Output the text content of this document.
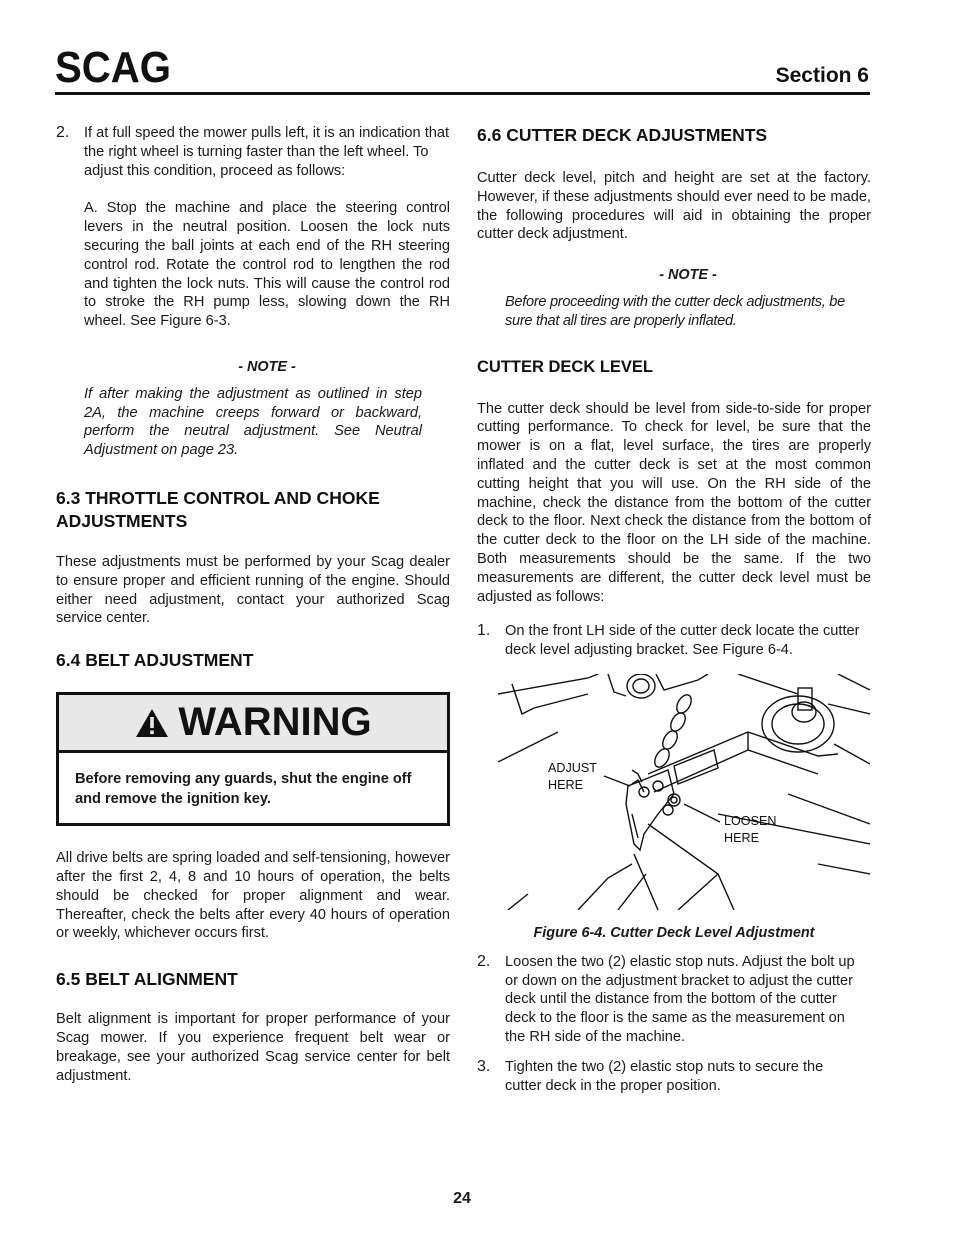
SCAG	Section 6
2. If at full speed the mower pulls left, it is an indication that the right wheel is turning faster than the left wheel. To adjust this condition, proceed as follows:

A. Stop the machine and place the steering control levers in the neutral position. Loosen the lock nuts securing the ball joints at each end of the RH steering control rod. Rotate the control rod to lengthen the rod and tighten the lock nuts. This will cause the control rod to stroke the RH pump less, slowing down the RH wheel. See Figure 6-3.

- NOTE -

If after making the adjustment as outlined in step 2A, the machine creeps forward or backward, perform the neutral adjustment. See Neutral Adjustment on page 23.

6.3 THROTTLE CONTROL AND CHOKE ADJUSTMENTS

These adjustments must be performed by your Scag dealer to ensure proper and efficient running of the engine. Should either need adjustment, contact your authorized Scag service center.

6.4 BELT ADJUSTMENT
WARNING
Before removing any guards, shut the engine off and remove the ignition key.

All drive belts are spring loaded and self-tensioning, however after the first 2, 4, 8 and 10 hours of operation, the belts should be checked for proper alignment and wear. Thereafter, check the belts after every 40 hours of operation or weekly, whichever occurs first.

6.5 BELT ALIGNMENT

Belt alignment is important for proper performance of your Scag mower. If you experience frequent belt wear or breakage, see your authorized Scag service center for belt adjustment.

6.6 CUTTER DECK ADJUSTMENTS

Cutter deck level, pitch and height are set at the factory. However, if these adjustments should ever need to be made, the following procedures will aid in obtaining the proper cutter deck adjustment.

- NOTE -

Before proceeding with the cutter deck adjustments, be sure that all tires are properly inflated.

CUTTER DECK LEVEL

The cutter deck should be level from side-to-side for proper cutting performance. To check for level, be sure that the mower is on a flat, level surface, the tires are properly inflated and the cutter deck is set at the most common cutting height that you will use. On the RH side of the machine, check the distance from the bottom of the cutter deck to the floor. Next check the distance from the bottom of the cutter deck to the floor on the LH side of the machine. Both measurements should be the same. If the two measurements are different, the cutter deck level must be adjusted as follows:

1. On the front LH side of the cutter deck locate the cutter deck level adjusting bracket. See Figure 6-4.

ADJUST
HERE
LOOSEN
HERE

Figure 6-4. Cutter Deck Level Adjustment

2. Loosen the two (2) elastic stop nuts. Adjust the bolt up or down on the adjustment bracket to adjust the cutter deck until the distance from the bottom of the cutter deck to the floor is the same as the measurement on the RH side of the machine.

3. Tighten the two (2) elastic stop nuts to secure the cutter deck in the proper position.

24
